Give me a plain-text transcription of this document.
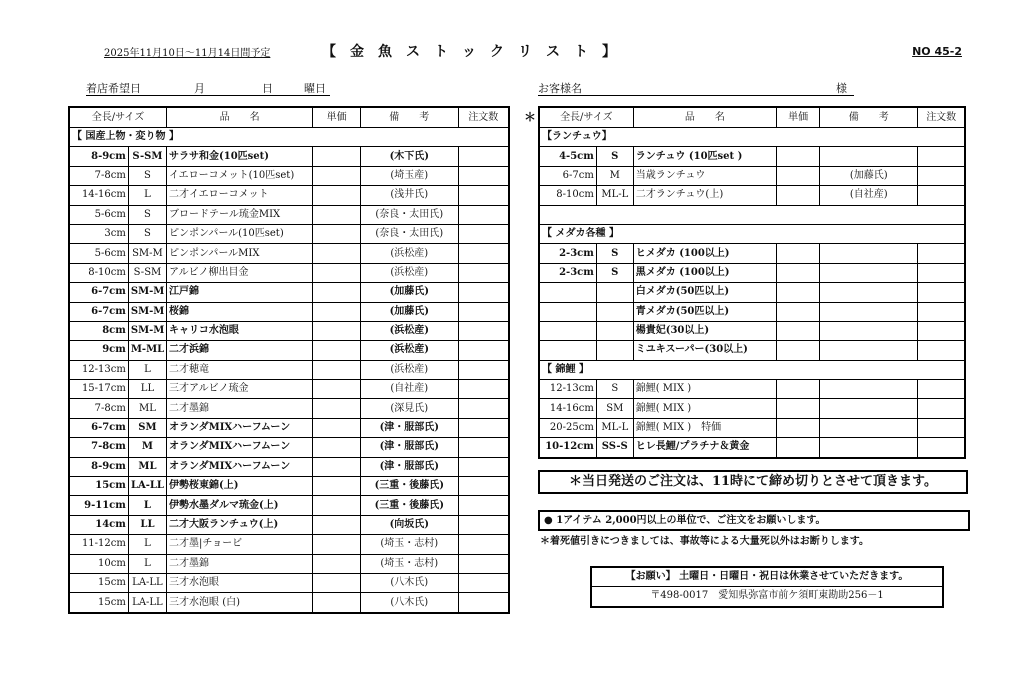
2025年11月10日～11月14日間予定	【　金　魚　ス　ト　ッ　ク　リ　ス　ト　】	NO 45-2
着店希望日	月	日	曜日	お客様名	様
全長/サイズ		品　　名	単価	備　　考	注文数
【 国産上物・変り物 】					
8-9cm	S-SM	サラサ和金(10匹set)		(木下氏)	
7-8cm	S	イエローコメット(10匹set)		(埼玉産)	
14-16cm	L	二才イエローコメット		(浅井氏)	
5-6cm	S	ブロードテール琉金MIX		(奈良・太田氏)	
3cm	S	ピンポンパール(10匹set)		(奈良・太田氏)	
5-6cm	SM-M	ピンポンパールMIX		(浜松産)	
8-10cm	S-SM	アルビノ柳出目金		(浜松産)	
6-7cm	SM-M	江戸錦		(加藤氏)	
6-7cm	SM-M	桜錦		(加藤氏)	
8cm	SM-M	キャリコ水泡眼		(浜松産)	
9cm	M-ML	二才浜錦		(浜松産)	
12-13cm	L	二才穂竜		(浜松産)	
15-17cm	LL	三才アルビノ琉金		(自社産)	
7-8cm	ML	二才墨錦		(深見氏)	
6-7cm	SM	オランダMIXハーフムーン		(津・服部氏)	
7-8cm	M	オランダMIXハーフムーン		(津・服部氏)	
8-9cm	ML	オランダMIXハーフムーン		(津・服部氏)	
15cm	LA-LL	伊勢桜東錦(上)		(三重・後藤氏)	
9-11cm	L	伊勢水墨ダルマ琉金(上)		(三重・後藤氏)	
14cm	LL	二才大阪ランチュウ(上)		(向坂氏)	
11-12cm	L	二才墨|チョービ		(埼玉・志村)	
10cm	L	二才墨錦		(埼玉・志村)	
15cm	LA-LL	三才水泡眼		(八木氏)	
15cm	LA-LL	三才水泡眼 (白)		(八木氏)	
＊ 全長/サイズ		品　　名	単価	備　　考	注文数
【ランチュウ】					
4-5cm	S	ランチュウ (10匹set )			
6-7cm	M	当歳ランチュウ		(加藤氏)	
8-10cm	ML-L	二才ランチュウ(上)		(自社産)	

【 メダカ各種 】					
2-3cm	S	ヒメダカ (100以上)			
2-3cm	S	黒メダカ (100以上)			
		白メダカ(50匹以上)			
		青メダカ(50匹以上)			
		楊貴妃(30以上)			
		ミユキスーパー(30以上)			
【 錦鯉 】					
12-13cm	S	錦鯉( MIX )			
14-16cm	SM	錦鯉( MIX )			
20-25cm	ML-L	錦鯉( MIX )　特価			
10-12cm	SS-S	ヒレ長鯉/プラチナ＆黄金			
＊当日発送のご注文は、11時にて締め切りとさせて頂きます。
● 1アイテム 2,000円以上の単位で、ご注文をお願いします。
＊着死値引きにつきましては、事故等による大量死以外はお断りします。
【お願い】 土曜日・日曜日・祝日は休業させていただきます。
〒498-0017　愛知県弥富市前ケ須町東勘助256－1
